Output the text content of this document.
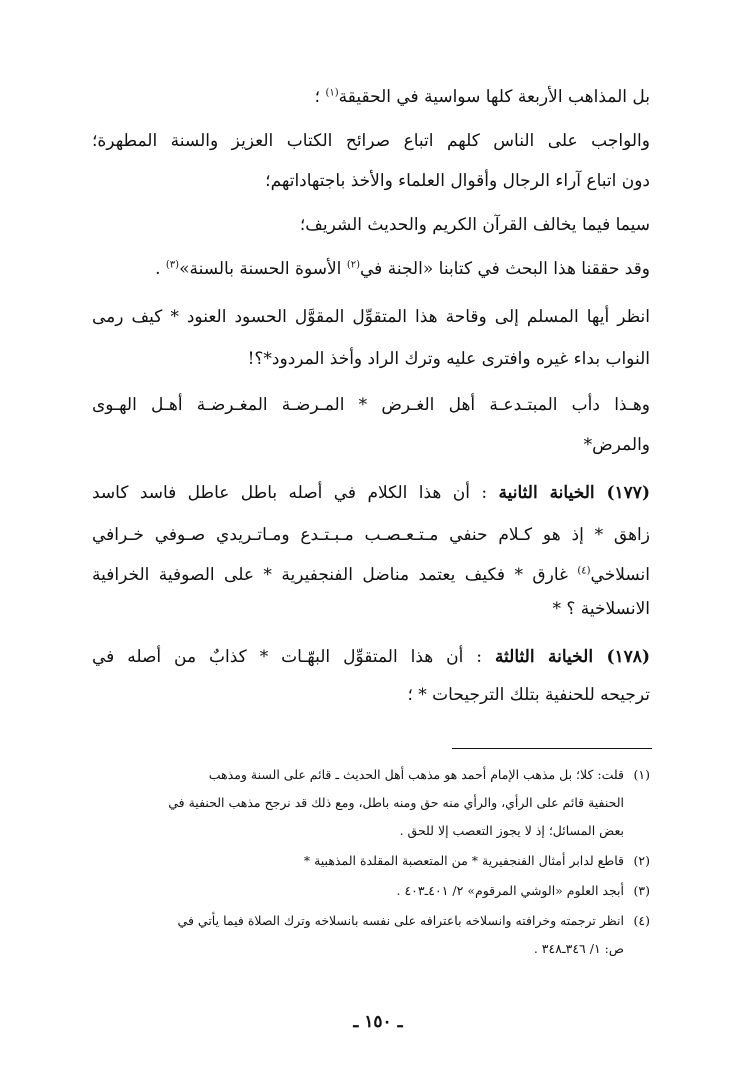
بل المذاهب الأربعة كلها سواسية في الحقيقة$^{(١)}$ ؛
والواجب على الناس كلهم اتباع صرائح الكتاب العزيز والسنة المطهرة؛
دون اتباع آراء الرجال وأقوال العلماء والأخذ باجتهاداتهم؛
سيما فيما يخالف القرآن الكريم والحديث الشريف؛
وقد حققنا هذا البحث في كتابنا «الجنة في$^{(٢)}$ الأسوة الحسنة بالسنة»$^{(٣)}$ .
انظر أيها المسلم إلى وقاحة هذا المتقوِّل المقوَّل الحسود العنود * كيف رمى
النواب بداء غيره وافترى عليه وترك الراد وأخذ المردود*؟!
وهـذا دأب المبتـدعـة أهل الغـرض * المـرضـة المغـرضـة أهـل الهـوى
والمرض*
(١٧٧) الخيانة الثانية : أن هذا الكلام في أصله باطل عاطل فاسد كاسد
زاهق * إذ هو كـلام حنفي مـتـعـصـب مـبـتـدع ومـاتـريدي صـوفي خـرافي
انسلاخي$^{(٤)}$ غارق * فكيف يعتمد مناضل الفنجفيرية * على الصوفية الخرافية
الانسلاخية ؟ *
(١٧٨) الخيانة الثالثة : أن هذا المتقوِّل البهّـات * كذابٌ من أصله في
ترجيحه للحنفية بتلك الترجيحات * ؛
(١)قلت: كلا؛ بل مذهب الإمام أحمد هو مذهب أهل الحديث ـ قائم على السنة ومذهب
الحنفية قائم على الرأي، والرأي منه حق ومنه باطل، ومع ذلك قد نرجح مذهب الحنفية في
بعض المسائل؛ إذ لا يجوز التعصب إلا للحق .
(٢)قاطع لدابر أمثال الفنجفيرية * من المتعصبة المقلدة المذهبية *
(٣)أبجد العلوم «الوشي المرقوم» ٢/ ٤٠١ـ٤٠٣ .
(٤)انظر ترجمته وخرافته وانسلاخه باعترافه على نفسه بانسلاخه وترك الصلاة فيما يأتي في
ص: ١/ ٣٤٦ـ٣٤٨ .
ـ ١٥٠ ـ
